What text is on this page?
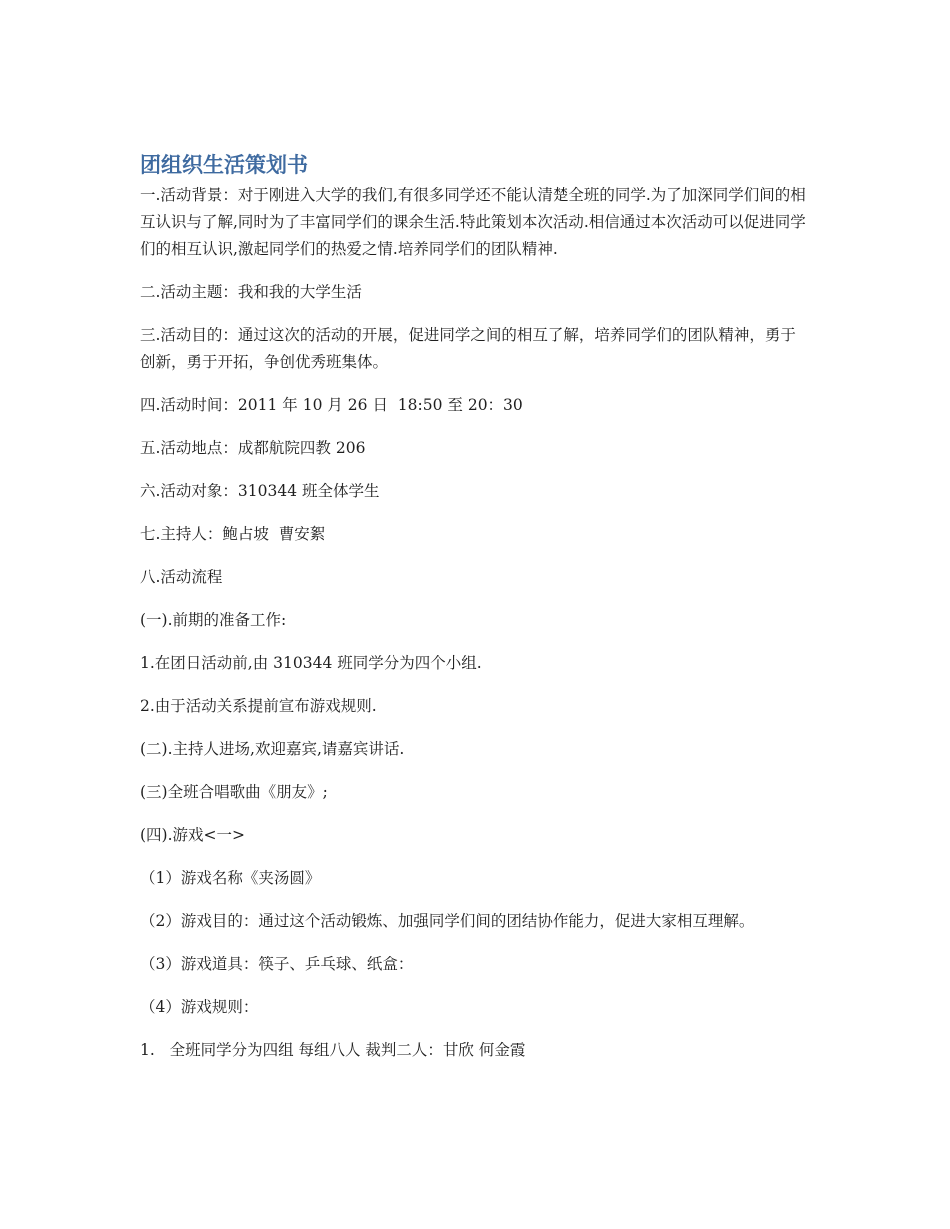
团组织生活策划书

一.活动背景：对于刚进入大学的我们,有很多同学还不能认清楚全班的同学.为了加深同学们间的相互认识与了解,同时为了丰富同学们的课余生活.特此策划本次活动.相信通过本次活动可以促进同学们的相互认识,激起同学们的热爱之情.培养同学们的团队精神.

二.活动主题：我和我的大学生活

三.活动目的：通过这次的活动的开展，促进同学之间的相互了解，培养同学们的团队精神，勇于创新，勇于开拓，争创优秀班集体。

四.活动时间：2011 年 10 月 26 日  18:50 至 20：30

五.活动地点：成都航院四教 206

六.活动对象：310344 班全体学生

七.主持人：鲍占坡  曹安絮

八.活动流程

(一).前期的准备工作:

1.在团日活动前,由 310344 班同学分为四个小组.

2.由于活动关系提前宣布游戏规则.

(二).主持人进场,欢迎嘉宾,请嘉宾讲话.

(三)全班合唱歌曲《朋友》;

(四).游戏<一>

（1）游戏名称《夹汤圆》

（2）游戏目的：通过这个活动锻炼、加强同学们间的团结协作能力，促进大家相互理解。

（3）游戏道具：筷子、乒乓球、纸盒：

（4）游戏规则：

1.   全班同学分为四组 每组八人 裁判二人：甘欣 何金霞
